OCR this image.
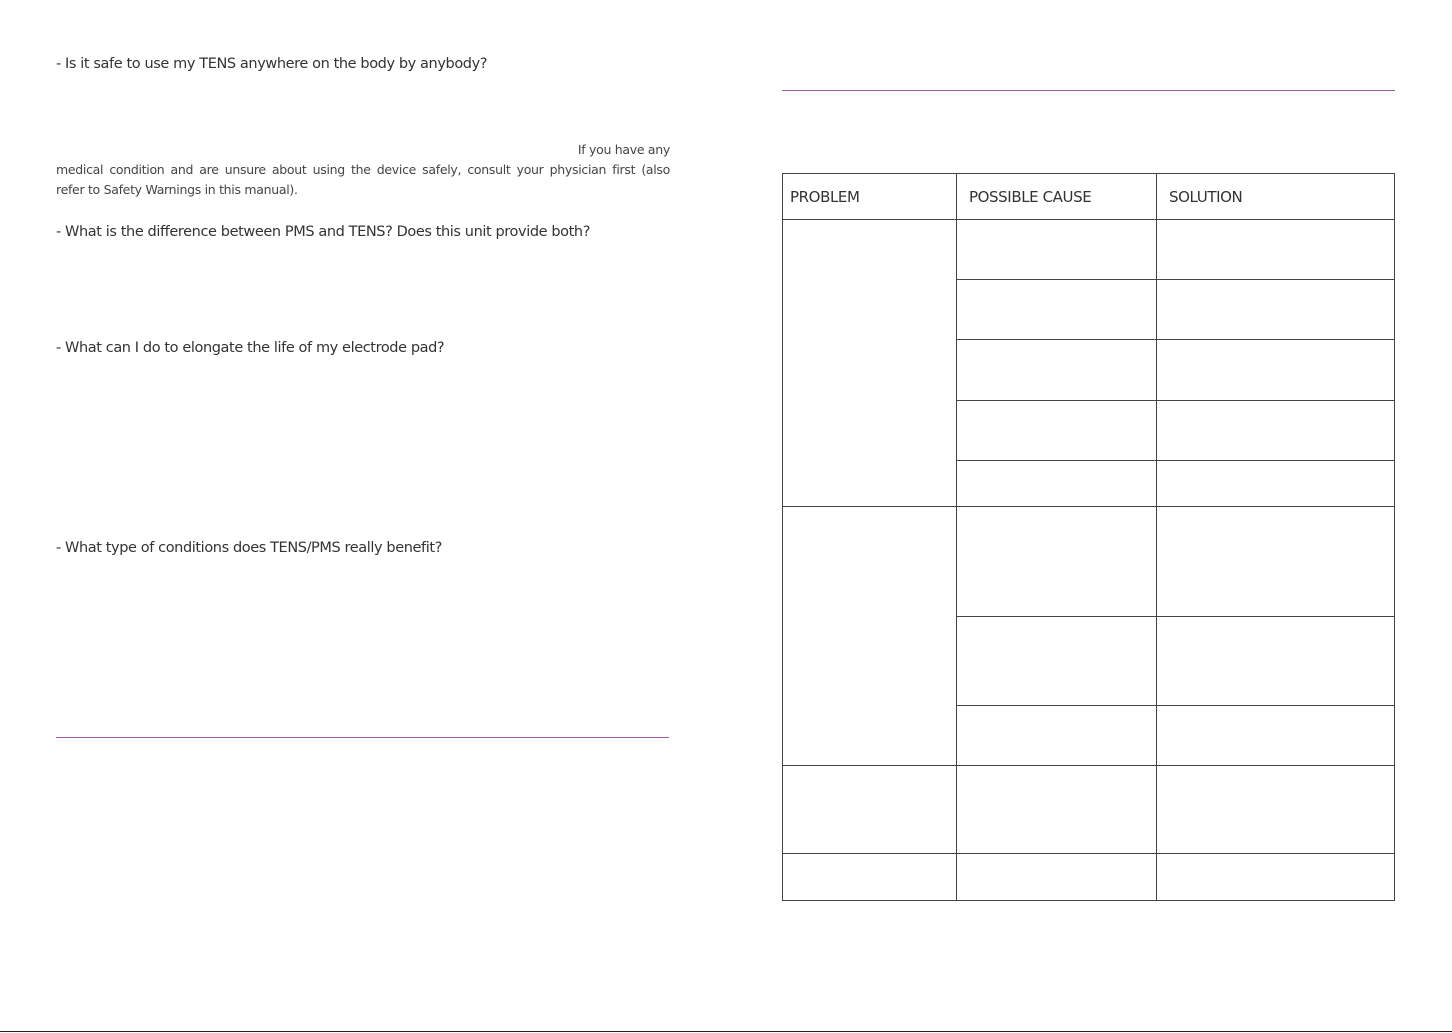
- Is it safe to use my TENS anywhere on the body by anybody?

If you have any
medical condition and are unsure about using the device safely, consult your physician first (also
refer to Safety Warnings in this manual).

- What is the difference between PMS and TENS? Does this unit provide both?

- What can I do to elongate the life of my electrode pad?

- What type of conditions does TENS/PMS really benefit?

PROBLEM	POSSIBLE CAUSE	SOLUTION
